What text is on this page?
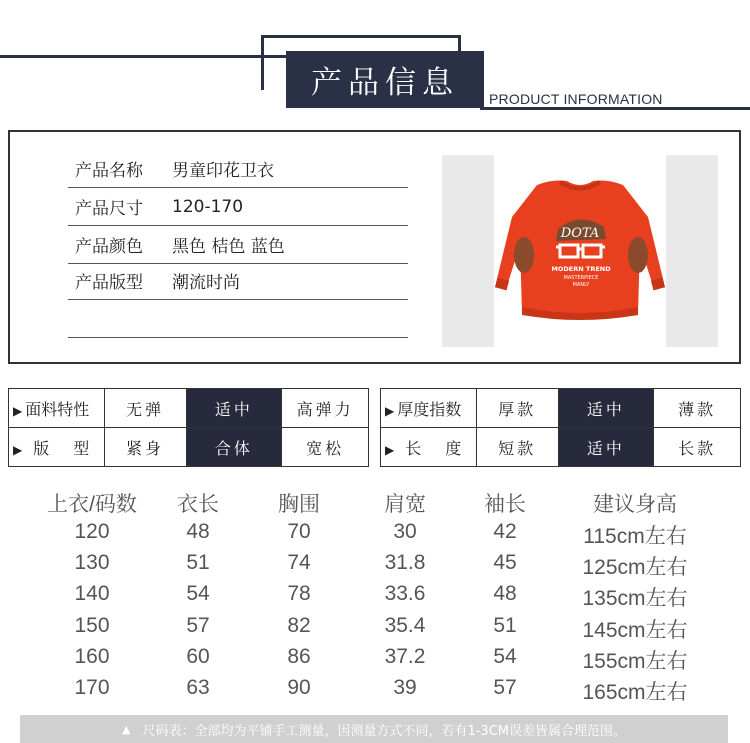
产品信息	PRODUCT INFORMATION
产品名称	男童印花卫衣
产品尺寸	120-170
产品颜色	黑色 桔色 蓝色
产品版型	潮流时尚
DOTA
MODERN TREND
MASTERPIECE
MANLY
▶ 面料特性	无弹	适中	高弹力
▶ 版　型	紧身	合体	宽松
▶ 厚度指数	厚款	适中	薄款
▶ 长　度	短款	适中	长款
上衣/码数 衣长	胸围	肩宽	袖长	建议身高
120	48	70	30	42	115cm左右
130	51	74	31.8	45	125cm左右
140	54	78	33.6	48	135cm左右
150	57	82	35.4	51	145cm左右
160	60	86	37.2	54	155cm左右
170	63	90	39	57	165cm左右
▲ 尺码表：全部均为平铺手工测量，因测量方式不同，若有1-3CM误差皆属合理范围。
